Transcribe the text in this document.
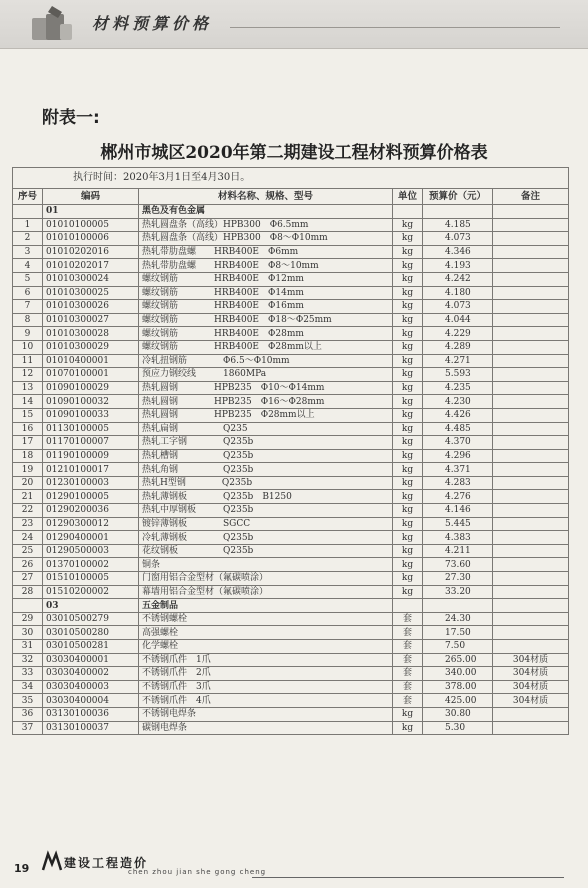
材料预算价格
附表一:
郴州市城区2020年第二期建设工程材料预算价格表
执行时间：2020年3月1日至4月30日。					
序号	编码	材料名称、规格、型号	单位	预算价（元）	备注
	01	黑色及有色金属			
1	01010100005	热轧圆盘条（高线）HPB300　Φ6.5mm	kg	4.185	
2	01010100006	热轧圆盘条（高线）HPB300　Φ8～Φ10mm	kg	4.073	
3	01010202016	热轧带肋盘螺　　HRB400E　Φ6mm	kg	4.346	
4	01010202017	热轧带肋盘螺　　HRB400E　Φ8～10mm	kg	4.193	
5	01010300024	螺纹钢筋　　　　HRB400E　Φ12mm	kg	4.242	
6	01010300025	螺纹钢筋　　　　HRB400E　Φ14mm	kg	4.180	
7	01010300026	螺纹钢筋　　　　HRB400E　Φ16mm	kg	4.073	
8	01010300027	螺纹钢筋　　　　HRB400E　Φ18～Φ25mm	kg	4.044	
9	01010300028	螺纹钢筋　　　　HRB400E　Φ28mm	kg	4.229	
10	01010300029	螺纹钢筋　　　　HRB400E　Φ28mm以上	kg	4.289	
11	01010400001	冷轧扭钢筋　　　　Φ6.5～Φ10mm	kg	4.271	
12	01070100001	预应力钢绞线　　　1860MPa	kg	5.593	
13	01090100029	热轧圆钢　　　　HPB235　Φ10～Φ14mm	kg	4.235	
14	01090100032	热轧圆钢　　　　HPB235　Φ16～Φ28mm	kg	4.230	
15	01090100033	热轧圆钢　　　　HPB235　Φ28mm以上	kg	4.426	
16	01130100005	热轧扁钢　　　　　Q235	kg	4.485	
17	01170100007	热轧工字钢　　　　Q235b	kg	4.370	
18	01190100009	热轧槽钢　　　　　Q235b	kg	4.296	
19	01210100017	热轧角钢　　　　　Q235b	kg	4.371	
20	01230100003	热轧H型钢　　　　Q235b	kg	4.283	
21	01290100005	热轧薄钢板　　　　Q235b　B1250	kg	4.276	
22	01290200036	热轧中厚钢板　　　Q235b	kg	4.146	
23	01290300012	镀锌薄钢板　　　　SGCC	kg	5.445	
24	01290400001	冷轧薄钢板　　　　Q235b	kg	4.383	
25	01290500003	花纹钢板　　　　　Q235b	kg	4.211	
26	01370100002	铜条	kg	73.60	
27	01510100005	门窗用铝合金型材（氟碳喷涂）	kg	27.30	
28	01510200002	幕墙用铝合金型材（氟碳喷涂）	kg	33.20	
	03	五金制品			
29	03010500279	不锈钢螺栓	套	24.30	
30	03010500280	高强螺栓	套	17.50	
31	03010500281	化学螺栓	套	7.50	
32	03030400001	不锈钢爪件　1爪	套	265.00	304材质
33	03030400002	不锈钢爪件　2爪	套	340.00	304材质
34	03030400003	不锈钢爪件　3爪	套	378.00	304材质
35	03030400004	不锈钢爪件　4爪	套	425.00	304材质
36	03130100036	不锈钢电焊条	kg	30.80	
37	03130100037	碳钢电焊条	kg	5.30	
19	建设工程造价
chen zhou jian she gong cheng
